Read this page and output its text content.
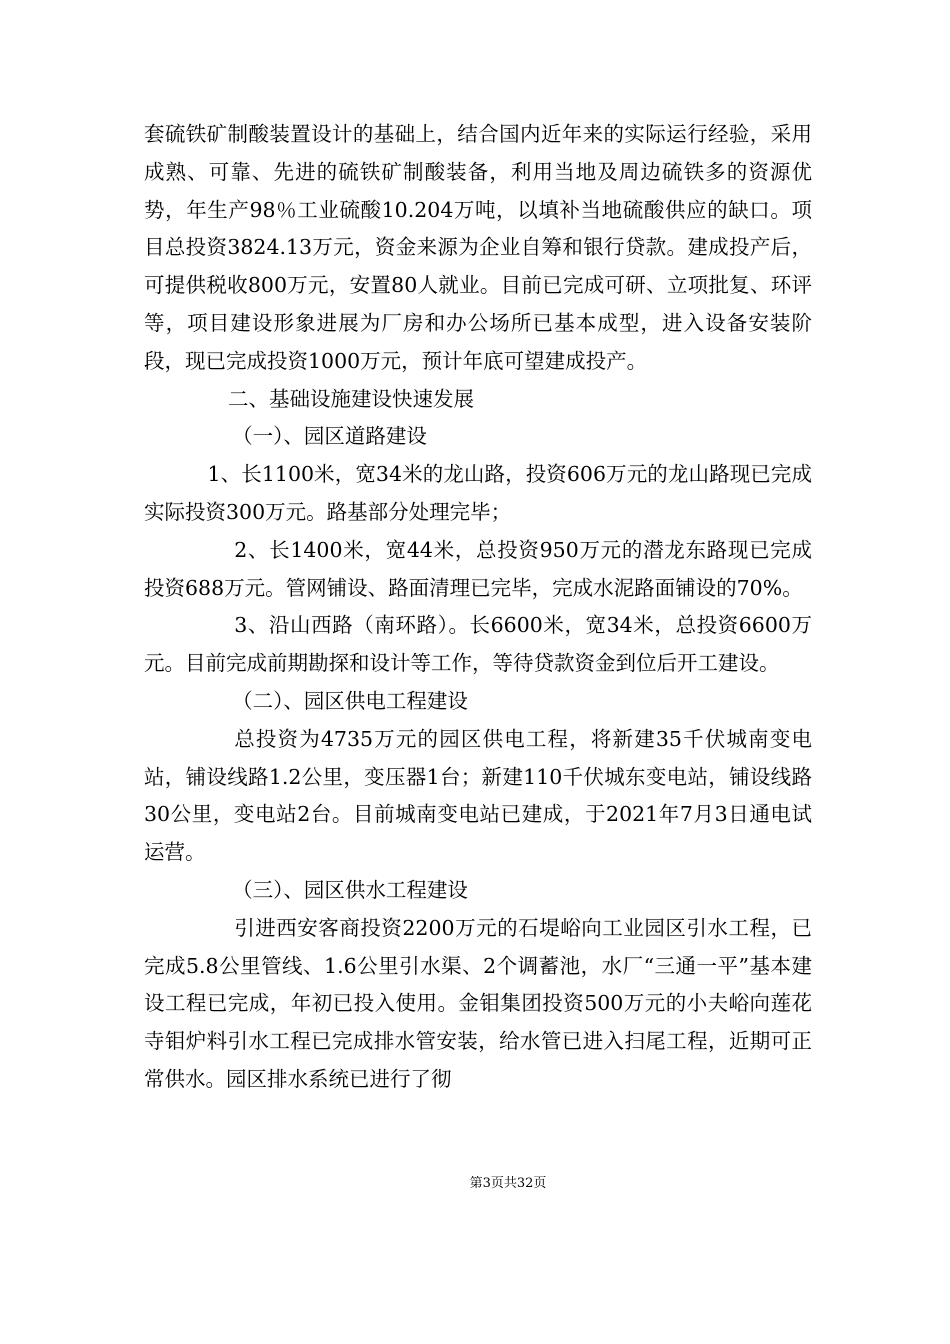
套硫铁矿制酸装置设计的基础上，结合国内近年来的实际运行经验，采用成熟、可靠、先进的硫铁矿制酸装备，利用当地及周边硫铁多的资源优势，年生产98％工业硫酸10.204万吨，以填补当地硫酸供应的缺口。项目总投资3824.13万元，资金来源为企业自筹和银行贷款。建成投产后，可提供税收800万元，安置80人就业。目前已完成可研、立项批复、环评等，项目建设形象进展为厂房和办公场所已基本成型，进入设备安装阶段，现已完成投资1000万元，预计年底可望建成投产。

二、基础设施建设快速发展

（一）、园区道路建设

1、长1100米，宽34米的龙山路，投资606万元的龙山路现已完成实际投资300万元。路基部分处理完毕；

2、长1400米，宽44米，总投资950万元的潜龙东路现已完成投资688万元。管网铺设、路面清理已完毕，完成水泥路面铺设的70%。

3、沿山西路（南环路）。长6600米，宽34米，总投资6600万元。目前完成前期勘探和设计等工作，等待贷款资金到位后开工建设。

（二）、园区供电工程建设

总投资为4735万元的园区供电工程，将新建35千伏城南变电站，铺设线路1.2公里，变压器1台；新建110千伏城东变电站，铺设线路30公里，变电站2台。目前城南变电站已建成，于2021年7月3日通电试运营。

（三）、园区供水工程建设

引进西安客商投资2200万元的石堤峪向工业园区引水工程，已完成5.8公里管线、1.6公里引水渠、2个调蓄池，水厂“三通一平”基本建设工程已完成，年初已投入使用。金钼集团投资500万元的小夫峪向莲花寺钼炉料引水工程已完成排水管安装，给水管已进入扫尾工程，近期可正常供水。园区排水系统已进行了彻

第3页共32页
